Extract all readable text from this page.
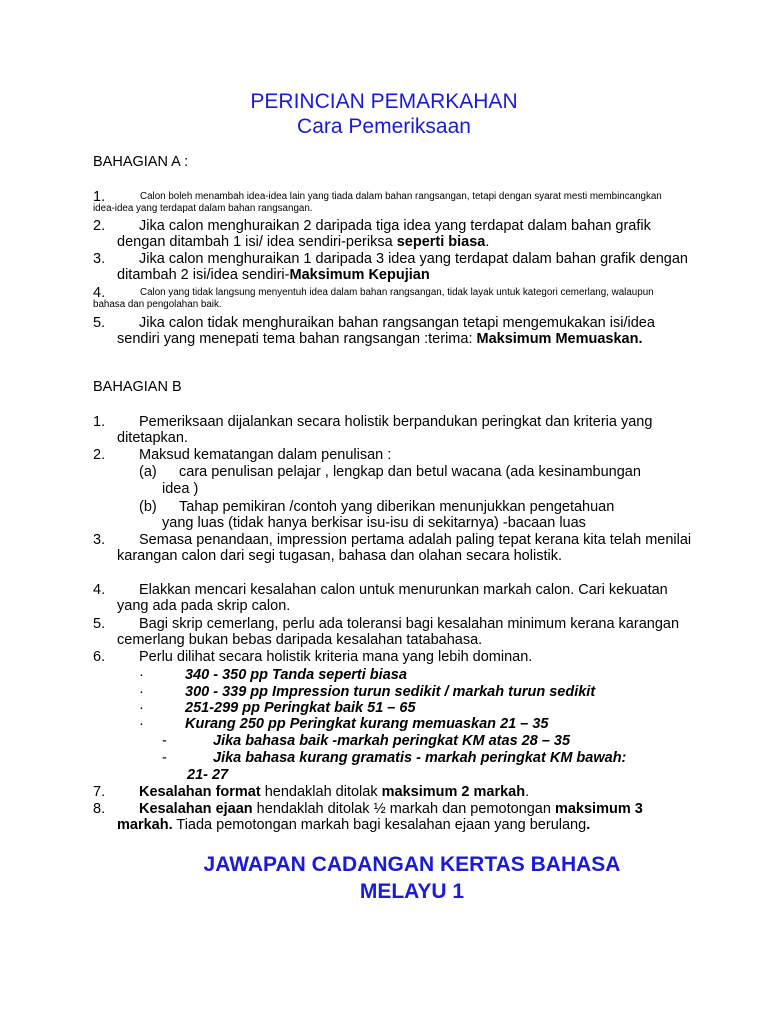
PERINCIAN PEMARKAHAN
Cara Pemeriksaan
BAHAGIAN A :
1.	Calon boleh menambah idea-idea lain yang tiada dalam bahan rangsangan, tetapi dengan syarat mesti membincangkan idea-idea yang terdapat dalam bahan rangsangan.
2.	Jika calon menghuraikan 2 daripada tiga idea yang terdapat dalam bahan grafik dengan ditambah 1 isi/ idea sendiri-periksa seperti biasa.
3.	Jika calon menghuraikan 1 daripada 3 idea yang terdapat dalam bahan grafik dengan ditambah 2 isi/idea sendiri-Maksimum Kepujian
4.	Calon yang tidak langsung menyentuh idea dalam bahan rangsangan, tidak layak untuk kategori cemerlang, walaupun bahasa dan pengolahan baik.
5.	Jika calon tidak menghuraikan bahan rangsangan tetapi mengemukakan isi/idea sendiri yang menepati tema bahan rangsangan :terima: Maksimum Memuaskan.
BAHAGIAN B
1.	Pemeriksaan dijalankan secara holistik berpandukan peringkat dan kriteria yang ditetapkan.
2. Maksud kematangan dalam penulisan :
(a) cara penulisan pelajar , lengkap dan betul wacana (ada kesinambungan
idea )
(b) Tahap pemikiran /contoh yang diberikan menunjukkan pengetahuan
yang luas (tidak hanya berkisar isu-isu di sekitarnya) -bacaan luas
3.	Semasa penandaan, impression pertama adalah paling tepat kerana kita telah menilai karangan calon dari segi tugasan, bahasa dan olahan secara holistik.
4.	Elakkan mencari kesalahan calon untuk menurunkan markah calon. Cari kekuatan yang ada pada skrip calon.
5.	Bagi skrip cemerlang, perlu ada toleransi bagi kesalahan minimum kerana karangan cemerlang bukan bebas daripada kesalahan tatabahasa.
6. Perlu dilihat secara holistik kriteria mana yang lebih dominan.
·	340 - 350 pp Tanda seperti biasa
·	300 - 339 pp Impression turun sedikit / markah turun sedikit
·	251-299 pp Peringkat baik 51 – 65
·	Kurang 250 pp Peringkat kurang memuaskan 21 – 35
-	Jika bahasa baik -markah peringkat KM atas 28 – 35
-	Jika bahasa kurang gramatis - markah peringkat KM bawah:
21- 27
7. Kesalahan format hendaklah ditolak maksimum 2 markah.
8.	Kesalahan ejaan hendaklah ditolak ½ markah dan pemotongan maksimum 3 markah. Tiada pemotongan markah bagi kesalahan ejaan yang berulang.
JAWAPAN CADANGAN KERTAS BAHASA
MELAYU 1
